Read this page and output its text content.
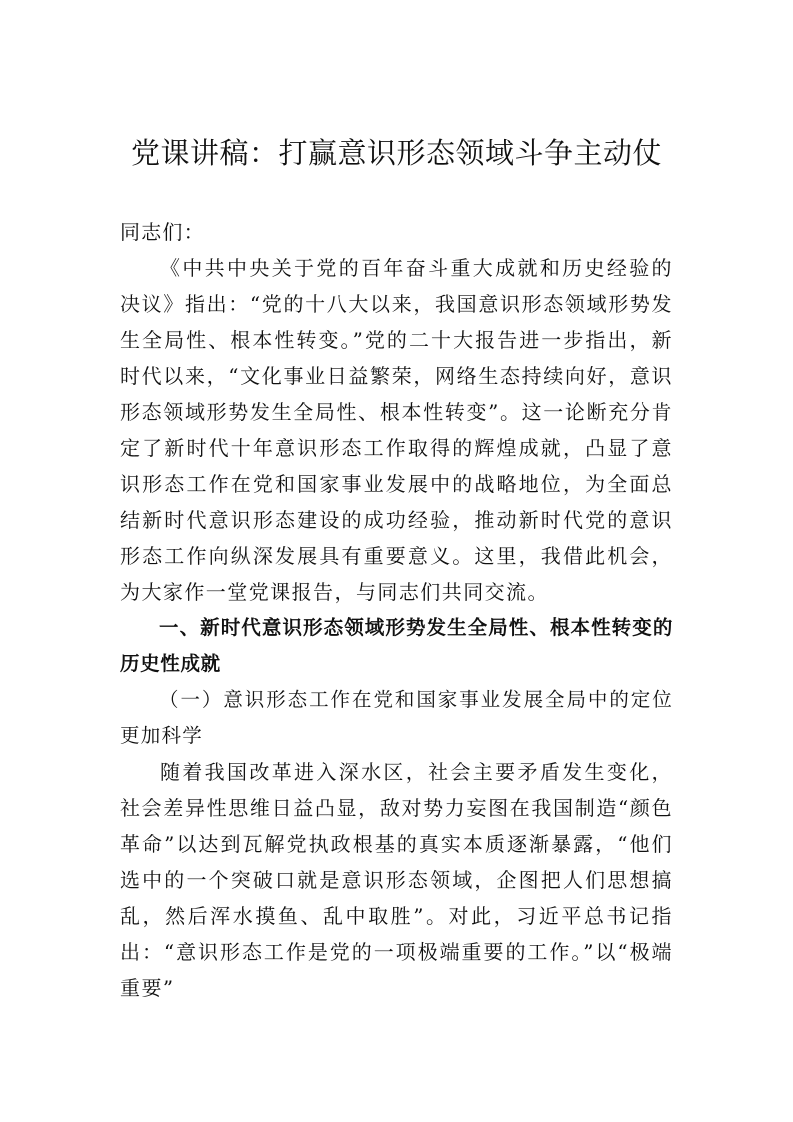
党课讲稿：打赢意识形态领域斗争主动仗

同志们：

《中共中央关于党的百年奋斗重大成就和历史经验的决议》指出：“党的十八大以来，我国意识形态领域形势发生全局性、根本性转变。”党的二十大报告进一步指出，新时代以来，“文化事业日益繁荣，网络生态持续向好，意识形态领域形势发生全局性、根本性转变”。这一论断充分肯定了新时代十年意识形态工作取得的辉煌成就，凸显了意识形态工作在党和国家事业发展中的战略地位，为全面总结新时代意识形态建设的成功经验，推动新时代党的意识形态工作向纵深发展具有重要意义。这里，我借此机会，为大家作一堂党课报告，与同志们共同交流。

一、新时代意识形态领域形势发生全局性、根本性转变的历史性成就

（一）意识形态工作在党和国家事业发展全局中的定位更加科学

随着我国改革进入深水区，社会主要矛盾发生变化，社会差异性思维日益凸显，敌对势力妄图在我国制造“颜色革命”以达到瓦解党执政根基的真实本质逐渐暴露，“他们选中的一个突破口就是意识形态领域，企图把人们思想搞乱，然后浑水摸鱼、乱中取胜”。对此，习近平总书记指出：“意识形态工作是党的一项极端重要的工作。”以“极端重要”
